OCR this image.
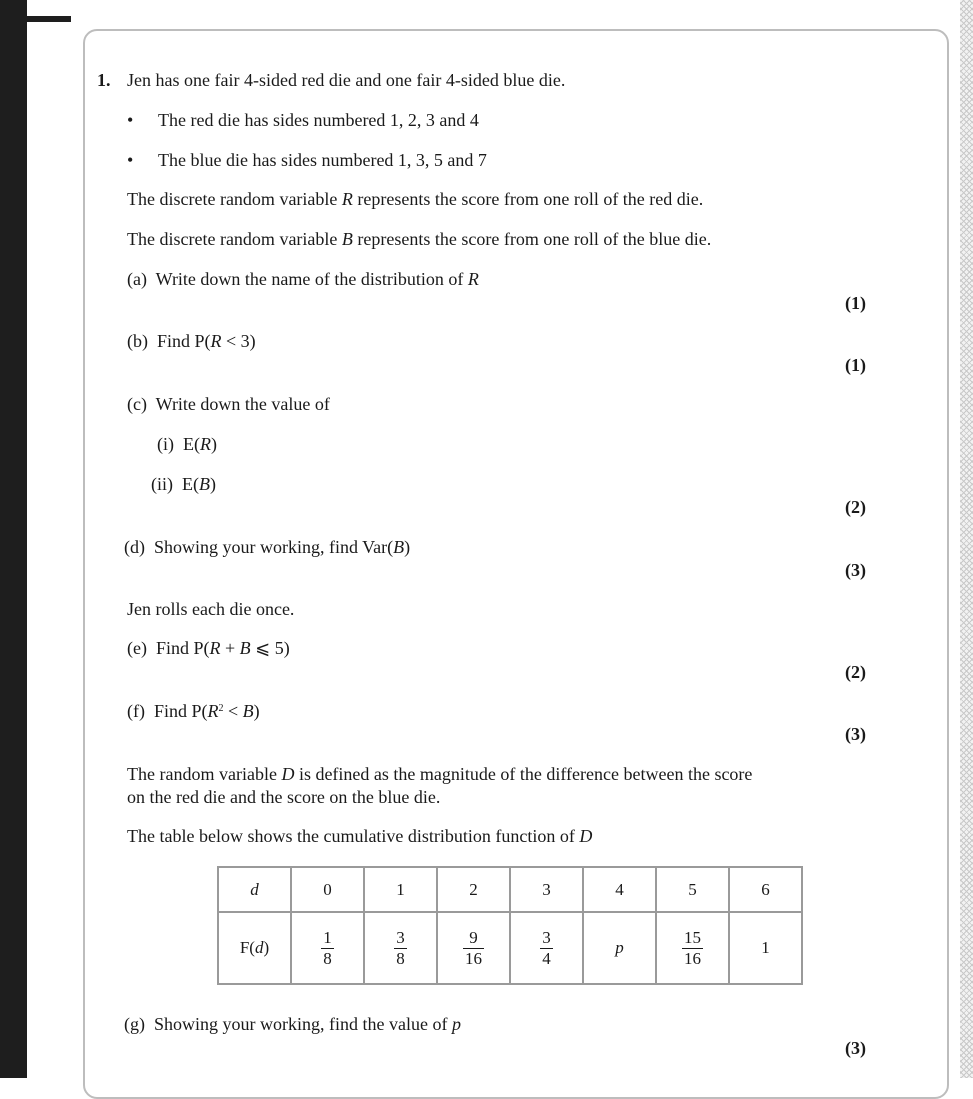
1. Jen has one fair 4-sided red die and one fair 4-sided blue die.
• The red die has sides numbered 1, 2, 3 and 4
• The blue die has sides numbered 1, 3, 5 and 7
The discrete random variable R represents the score from one roll of the red die.
The discrete random variable B represents the score from one roll of the blue die.
(a) Write down the name of the distribution of R
(1)
(b) Find P(R < 3)
(1)
(c) Write down the value of
(i) E(R)
(ii) E(B)
(2)
(d) Showing your working, find Var(B)
(3)
Jen rolls each die once.
(e) Find P(R + B ⩽ 5)
(2)
(f) Find $P(R^2 < B)$
(3)
The random variable D is defined as the magnitude of the difference between the score
on the red die and the score on the blue die.
The table below shows the cumulative distribution function of D
d	0	1	2	3	4	5	6
F(d)	$\frac{1}{8}$	$\frac{3}{8}$	$\frac{9}{16}$	$\frac{3}{4}$	p	$\frac{15}{16}$	1
(g) Showing your working, find the value of p
(3)
